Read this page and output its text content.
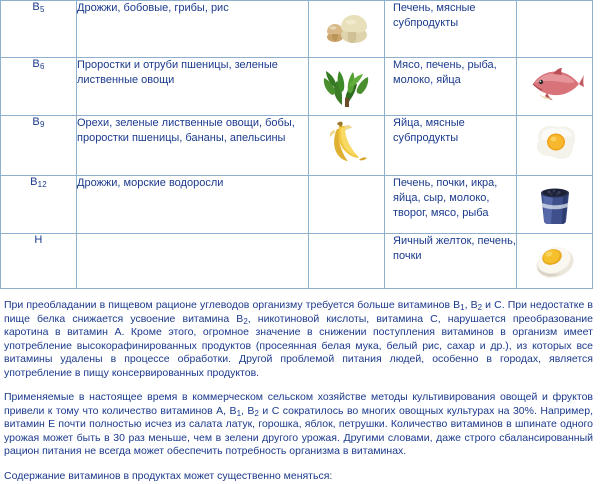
$B_5$	Дрожжи, бобовые, грибы, рис		Печень, мясные субпродукты	

$B_6$	Проростки и отруби пшеницы, зеленые лиственные овощи		Мясо, печень, рыба, молоко, яйца	

$B_9$	Орехи, зеленые лиственные овощи, бобы, проростки пшеницы, бананы, апельсины		Яйца, мясные субпродукты	

$B_{12}$	Дрожжи, морские водоросли		Печень, почки, икра, яйца, сыр, молоко, творог, мясо, рыба	

H			Яичный желток, печень, почки	

При преобладании в пищевом рационе углеводов организму требуется больше витаминов $B_1$, $B_2$ и С. При недостатке в пище белка снижается усвоение витамина $B_2$, никотиновой кислоты, витамина С, нарушается преобразование каротина в витамин А. Кроме этого, огромное значение в снижении поступления витаминов в организм имеет употребление высокорафинированных продуктов (просеянная белая мука, белый рис, сахар и др.), из которых все витамины удалены в процессе обработки. Другой проблемой питания людей, особенно в городах, является употребление в пищу консервированных продуктов.

Применяемые в настоящее время в коммерческом сельском хозяйстве методы культивирования овощей и фруктов привели к тому что количество витаминов А, $B_1$, $B_2$ и С сократилось во многих овощных культурах на 30%. Например, витамин Е почти полностью исчез из салата латук, горошка, яблок, петрушки. Количество витаминов в шпинате одного урожая может быть в 30 раз меньше, чем в зелени другого урожая. Другими словами, даже строго сбалансированный рацион питания не всегда может обеспечить потребность организма в витаминах.

Содержание витаминов в продуктах может существенно меняться:
